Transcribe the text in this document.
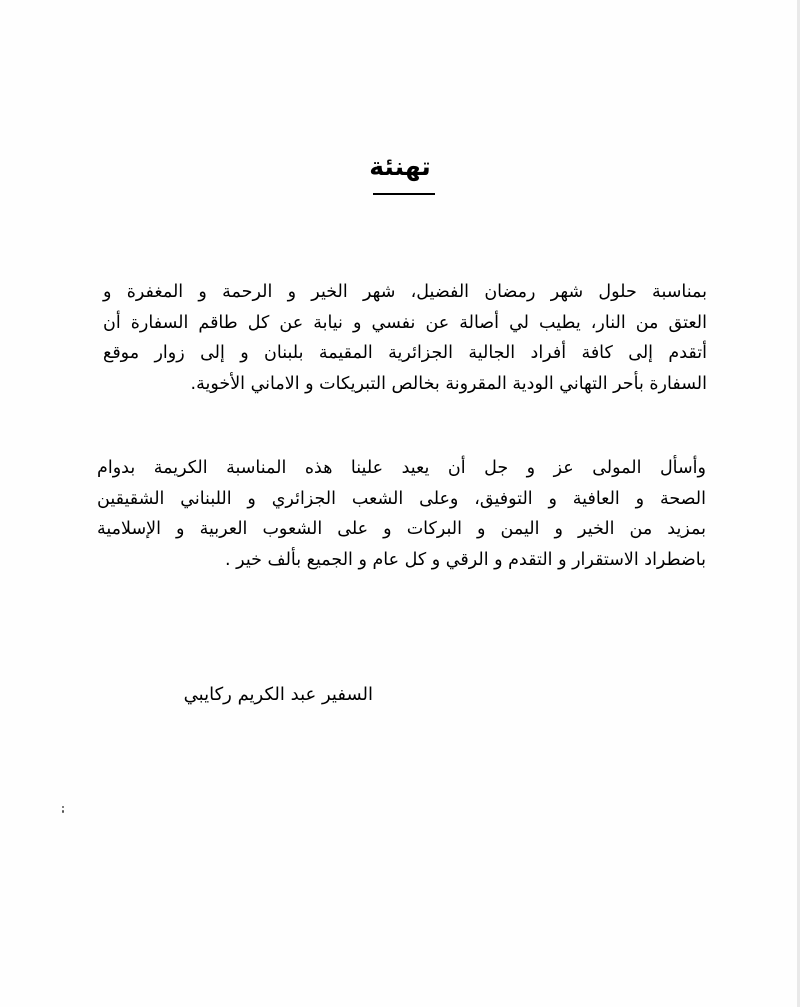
تهنئة
بمناسبة حلول شهر رمضان الفضيل، شهر الخير و الرحمة و المغفرة و
العتق من النار، يطيب لي أصالة عن نفسي و نيابة عن كل طاقم السفارة أن
أتقدم إلى كافة أفراد الجالية الجزائرية المقيمة بلبنان و إلى زوار موقع
السفارة بأحر التهاني الودية المقرونة بخالص التبريكات و الاماني الأخوية.
وأسأل المولى عز و جل أن يعيد علينا هذه المناسبة الكريمة بدوام
الصحة و العافية و التوفيق، وعلى الشعب الجزائري و اللبناني الشقيقين
بمزيد من الخير و اليمن و البركات و على الشعوب العربية و الإسلامية
باضطراد الاستقرار و التقدم و الرقي و كل عام و الجميع بألف خير .
السفير عبد الكريم ركايبي
